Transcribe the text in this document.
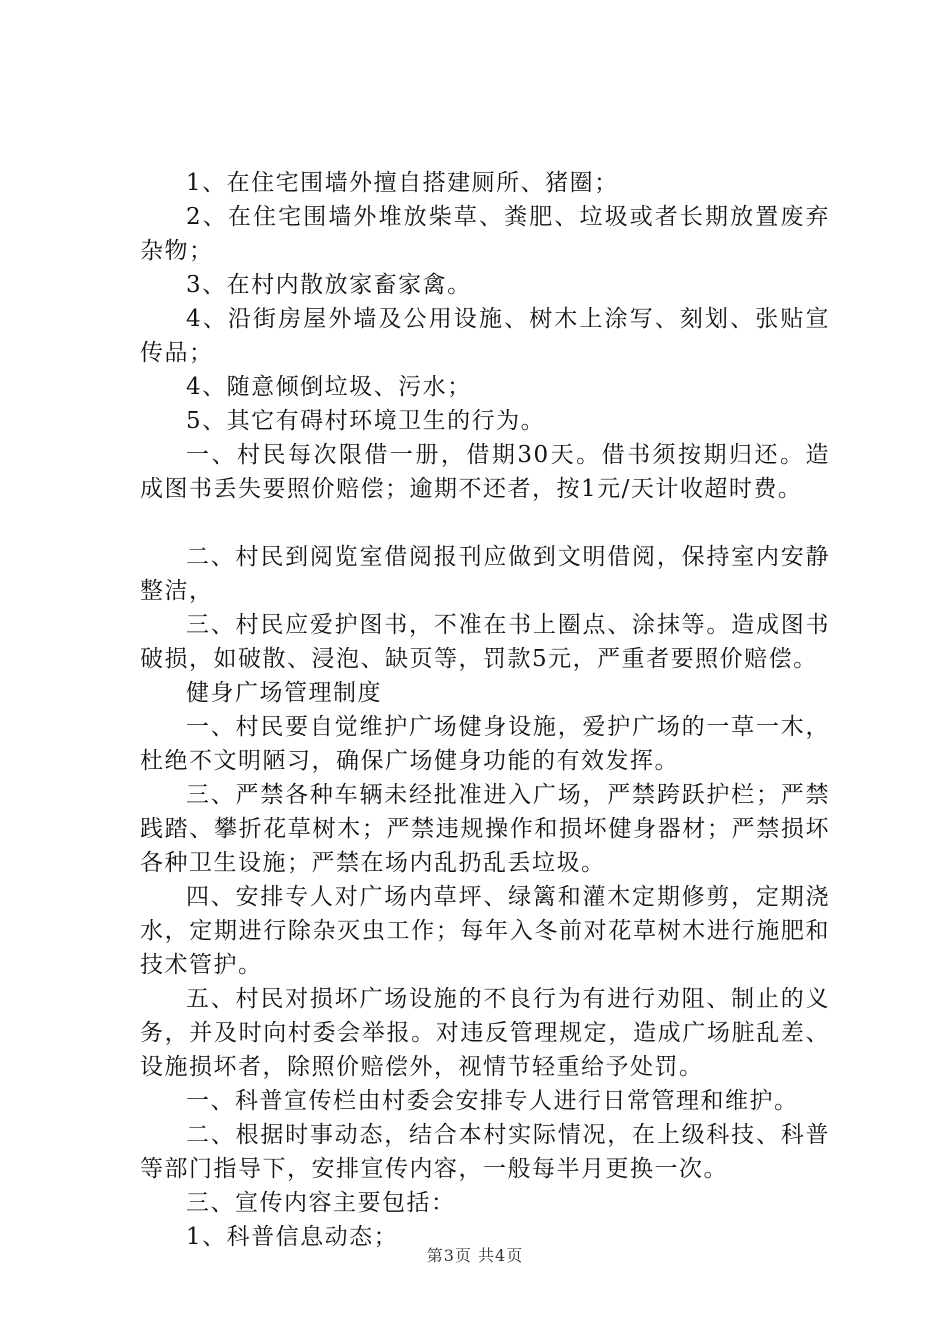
1、在住宅围墙外擅自搭建厕所、猪圈；

2、在住宅围墙外堆放柴草、粪肥、垃圾或者长期放置废弃杂物；

3、在村内散放家畜家禽。

4、沿街房屋外墙及公用设施、树木上涂写、刻划、张贴宣传品；

4、随意倾倒垃圾、污水；

5、其它有碍村环境卫生的行为。

一、村民每次限借一册，借期30天。借书须按期归还。造成图书丢失要照价赔偿；逾期不还者，按1元/天计收超时费。

二、村民到阅览室借阅报刊应做到文明借阅，保持室内安静整洁，

三、村民应爱护图书，不准在书上圈点、涂抹等。造成图书破损，如破散、浸泡、缺页等，罚款5元，严重者要照价赔偿。

健身广场管理制度

一、村民要自觉维护广场健身设施，爱护广场的一草一木，杜绝不文明陋习，确保广场健身功能的有效发挥。

三、严禁各种车辆未经批准进入广场，严禁跨跃护栏；严禁践踏、攀折花草树木；严禁违规操作和损坏健身器材；严禁损坏各种卫生设施；严禁在场内乱扔乱丢垃圾。

四、安排专人对广场内草坪、绿篱和灌木定期修剪，定期浇水，定期进行除杂灭虫工作；每年入冬前对花草树木进行施肥和技术管护。

五、村民对损坏广场设施的不良行为有进行劝阻、制止的义务，并及时向村委会举报。对违反管理规定，造成广场脏乱差、设施损坏者，除照价赔偿外，视情节轻重给予处罚。

一、科普宣传栏由村委会安排专人进行日常管理和维护。

二、根据时事动态，结合本村实际情况，在上级科技、科普等部门指导下，安排宣传内容，一般每半月更换一次。

三、宣传内容主要包括：

1、科普信息动态；

第3页 共4页
